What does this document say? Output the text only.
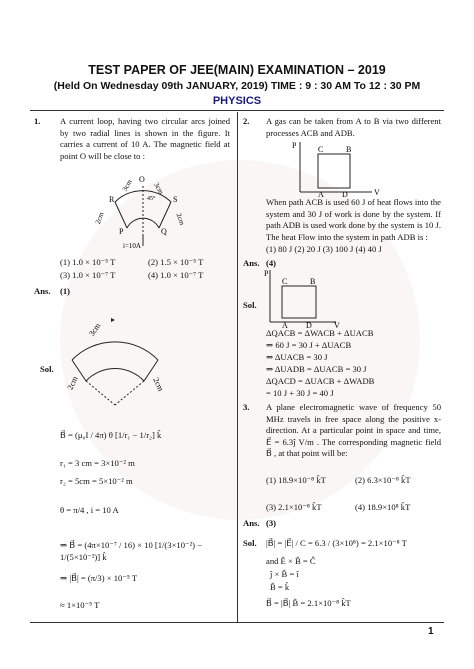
TEST PAPER OF JEE(MAIN) EXAMINATION – 2019
(Held On Wednesday 09th JANUARY, 2019) TIME : 9 : 30 AM To 12 : 30 PM
PHYSICS
1. A current loop, having two circular arcs joined by two radial lines is shown in the figure. It carries a current of 10 A. The magnetic field at point O will be close to :
O
R	S
P	Q
45°
i=10A
2cm	2cm
3cm	3cm
(1) 1.0 × 10⁻⁵ T	(2) 1.5 × 10⁻⁵ T
(3) 1.0 × 10⁻⁷ T	(4) 1.0 × 10⁻⁷ T
Ans. (1)
3cm
2cm	2cm
Sol.
B⃗ = (μ₀I / 4π) θ [1/r₁ − 1/r₂] k̂
r₁ = 3 cm = 3×10⁻² m
r₂ = 5cm = 5×10⁻² m
θ = π/4 , i = 10 A
⇒ B⃗ = (4π×10⁻⁷ / 16) × 10 [1/(3×10⁻²) − 1/(5×10⁻²)] k̂
⇒ |B⃗| = (π/3) × 10⁻⁵ T
≈ 1×10⁻⁵ T
2. A gas can be taken from A to B via two different processes ACB and ADB.
P
V
C	B
A D
When path ACB is used 60 J of heat flows into the system and 30 J of work is done by the system. If path ADB is used work done by the system is 10 J. The heat Flow into the system in path ADB is :
(1) 80 J (2) 20 J (3) 100 J (4) 40 J
Ans. (4)
P
V
C	B
A D
Sol.
ΔQACB = ΔWACB + ΔUACB
⇒ 60 J = 30 J + ΔUACB
⇒ ΔUACB = 30 J
⇒ ΔUADB = ΔUACB = 30 J
ΔQACD = ΔUACB + ΔWADB
= 10 J + 30 J = 40 J
3. A plane electromagnetic wave of frequency 50 MHz travels in free space along the positive x-direction. At a particular point in space and time, E⃗ = 6.3ĵ V/m . The corresponding magnetic field B⃗ , at that point will be:
(1) 18.9×10⁻⁸ k̂T	(2) 6.3×10⁻⁸ k̂T
(3) 2.1×10⁻⁸ k̂T	(4) 18.9×10⁸ k̂T
Ans. (3)
Sol. |B⃗| = |E⃗| / C = 6.3 / (3×10⁸) = 2.1×10⁻⁸ T
and Ê × B̂ = Ĉ
ĵ × B̂ = î
B̂ = k̂
B⃗ = |B⃗| B̂ = 2.1×10⁻⁸ k̂T
1
